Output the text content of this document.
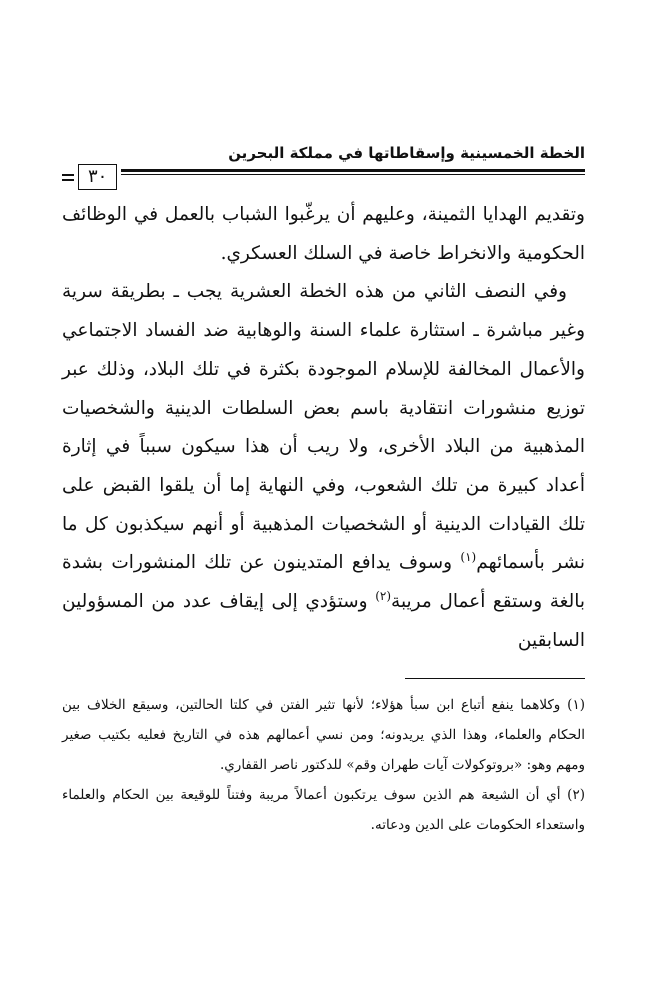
الخطة الخمسينية وإسقاطاتها في مملكة البحرين
٣٠

وتقديم الهدايا الثمينة، وعليهم أن يرغّبوا الشباب بالعمل في الوظائف الحكومية والانخراط خاصة في السلك العسكري.

وفي النصف الثاني من هذه الخطة العشرية يجب ـ بطريقة سرية وغير مباشرة ـ استثارة علماء السنة والوهابية ضد الفساد الاجتماعي والأعمال المخالفة للإسلام الموجودة بكثرة في تلك البلاد، وذلك عبر توزيع منشورات انتقادية باسم بعض السلطات الدينية والشخصيات المذهبية من البلاد الأخرى، ولا ريب أن هذا سيكون سبباً في إثارة أعداد كبيرة من تلك الشعوب، وفي النهاية إما أن يلقوا القبض على تلك القيادات الدينية أو الشخصيات المذهبية أو أنهم سيكذبون كل ما نشر بأسمائهم$^{(١)}$ وسوف يدافع المتدينون عن تلك المنشورات بشدة بالغة وستقع أعمال مريبة$^{(٢)}$ وستؤدي إلى إيقاف عدد من المسؤولين السابقين

(١) وكلاهما ينفع أتباع ابن سبأ هؤلاء؛ لأنها تثير الفتن في كلتا الحالتين، وسيقع الخلاف بين الحكام والعلماء، وهذا الذي يريدونه؛ ومن نسي أعمالهم هذه في التاريخ فعليه بكتيب صغير ومهم وهو: «بروتوكولات آيات طهران وقم» للدكتور ناصر القفاري.

(٢) أي أن الشيعة هم الذين سوف يرتكبون أعمالاً مريبة وفتناً للوقيعة بين الحكام والعلماء واستعداء الحكومات على الدين ودعاته.
